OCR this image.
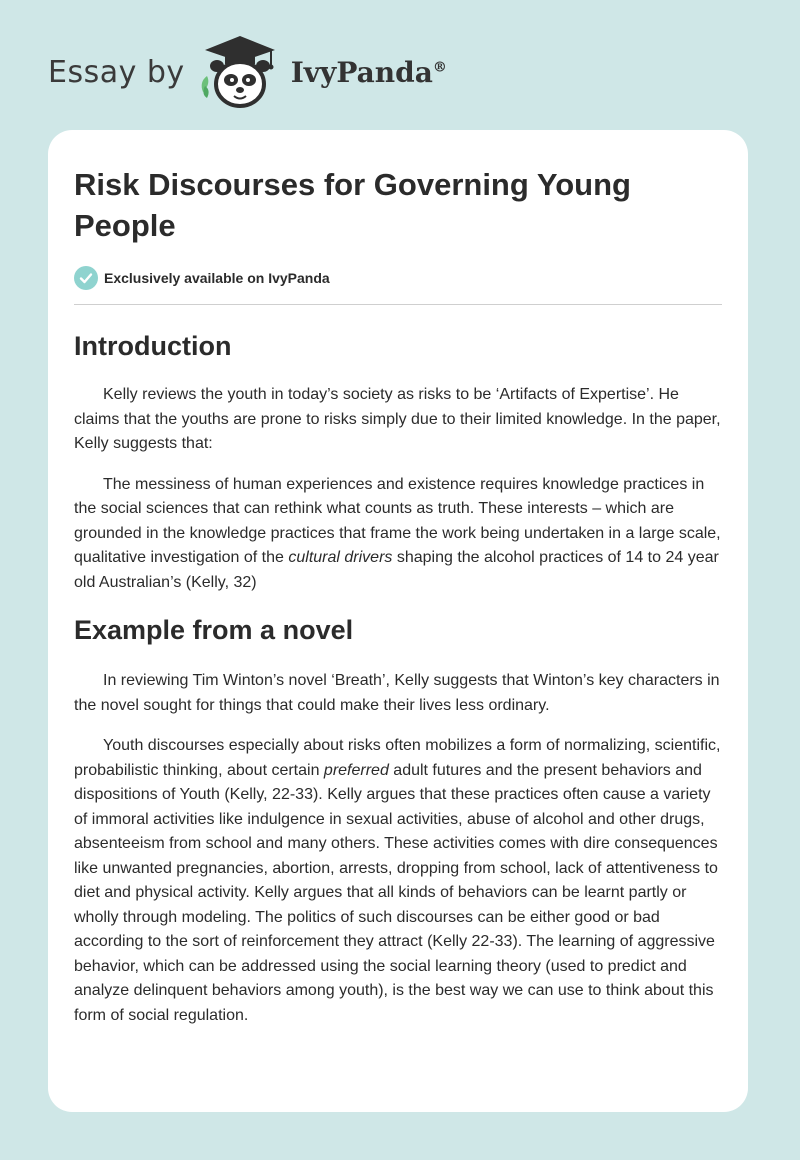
Essay by	IvyPanda®
Risk Discourses for Governing Young People
Exclusively available on IvyPanda
Introduction

Kelly reviews the youth in today’s society as risks to be ‘Artifacts of Expertise’. He claims that the youths are prone to risks simply due to their limited knowledge. In the paper, Kelly suggests that:

The messiness of human experiences and existence requires knowledge practices in the social sciences that can rethink what counts as truth. These interests – which are grounded in the knowledge practices that frame the work being undertaken in a large scale, qualitative investigation of the cultural drivers shaping the alcohol practices of 14 to 24 year old Australian’s (Kelly, 32)

Example from a novel

In reviewing Tim Winton’s novel ‘Breath’, Kelly suggests that Winton’s key characters in the novel sought for things that could make their lives less ordinary.

Youth discourses especially about risks often mobilizes a form of normalizing, scientific, probabilistic thinking, about certain preferred adult futures and the present behaviors and dispositions of Youth (Kelly, 22-33). Kelly argues that these practices often cause a variety of immoral activities like indulgence in sexual activities, abuse of alcohol and other drugs, absenteeism from school and many others. These activities comes with dire consequences like unwanted pregnancies, abortion, arrests, dropping from school, lack of attentiveness to diet and physical activity. Kelly argues that all kinds of behaviors can be learnt partly or wholly through modeling. The politics of such discourses can be either good or bad according to the sort of reinforcement they attract (Kelly 22-33). The learning of aggressive behavior, which can be addressed using the social learning theory (used to predict and analyze delinquent behaviors among youth), is the best way we can use to think about this form of social regulation.
